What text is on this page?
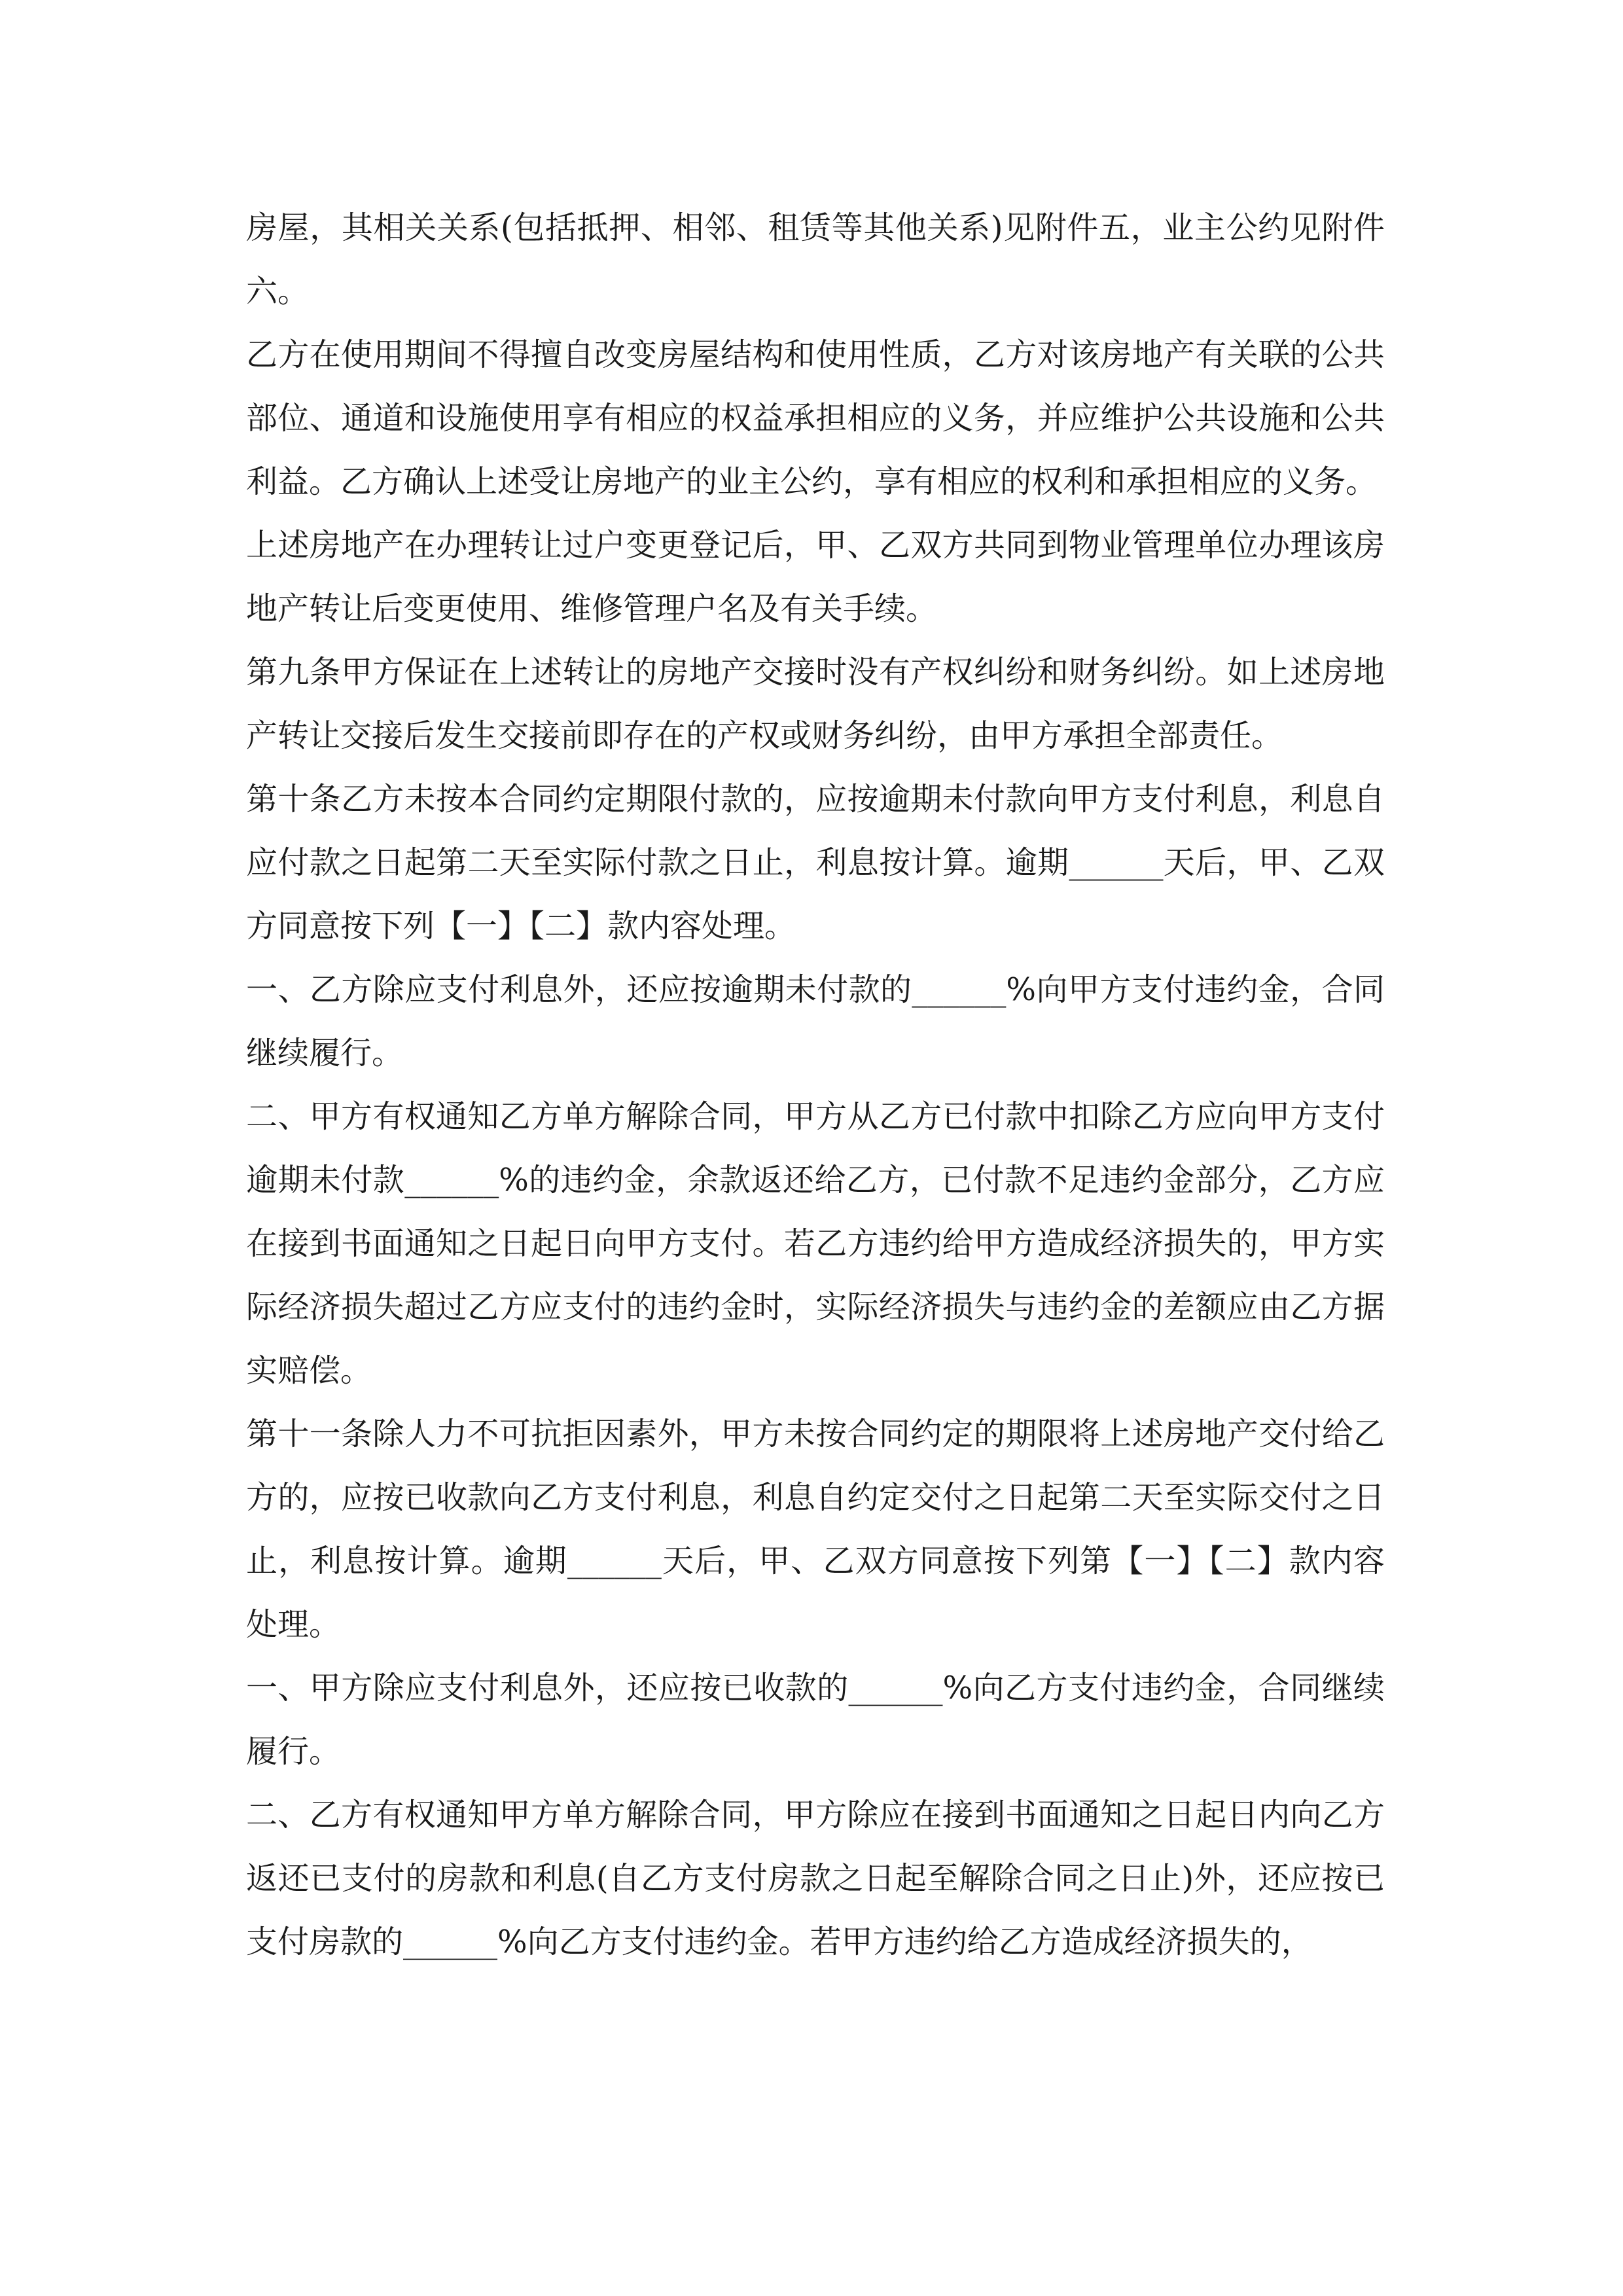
房屋，其相关关系(包括抵押、相邻、租赁等其他关系)见附件五，业主公约见附件六。

乙方在使用期间不得擅自改变房屋结构和使用性质，乙方对该房地产有关联的公共部位、通道和设施使用享有相应的权益承担相应的义务，并应维护公共设施和公共利益。乙方确认上述受让房地产的业主公约，享有相应的权利和承担相应的义务。

上述房地产在办理转让过户变更登记后，甲、乙双方共同到物业管理单位办理该房地产转让后变更使用、维修管理户名及有关手续。

第九条甲方保证在上述转让的房地产交接时没有产权纠纷和财务纠纷。如上述房地产转让交接后发生交接前即存在的产权或财务纠纷，由甲方承担全部责任。

第十条乙方未按本合同约定期限付款的，应按逾期未付款向甲方支付利息，利息自应付款之日起第二天至实际付款之日止，利息按计算。逾期______天后，甲、乙双方同意按下列【一】【二】款内容处理。

一、乙方除应支付利息外，还应按逾期未付款的______%向甲方支付违约金，合同继续履行。

二、甲方有权通知乙方单方解除合同，甲方从乙方已付款中扣除乙方应向甲方支付逾期未付款______%的违约金，余款返还给乙方，已付款不足违约金部分，乙方应在接到书面通知之日起日向甲方支付。若乙方违约给甲方造成经济损失的，甲方实际经济损失超过乙方应支付的违约金时，实际经济损失与违约金的差额应由乙方据实赔偿。

第十一条除人力不可抗拒因素外，甲方未按合同约定的期限将上述房地产交付给乙方的，应按已收款向乙方支付利息，利息自约定交付之日起第二天至实际交付之日止，利息按计算。逾期______天后，甲、乙双方同意按下列第【一】【二】款内容处理。

一、甲方除应支付利息外，还应按已收款的______%向乙方支付违约金，合同继续履行。

二、乙方有权通知甲方单方解除合同，甲方除应在接到书面通知之日起日内向乙方返还已支付的房款和利息(自乙方支付房款之日起至解除合同之日止)外，还应按已支付房款的______%向乙方支付违约金。若甲方违约给乙方造成经济损失的，
